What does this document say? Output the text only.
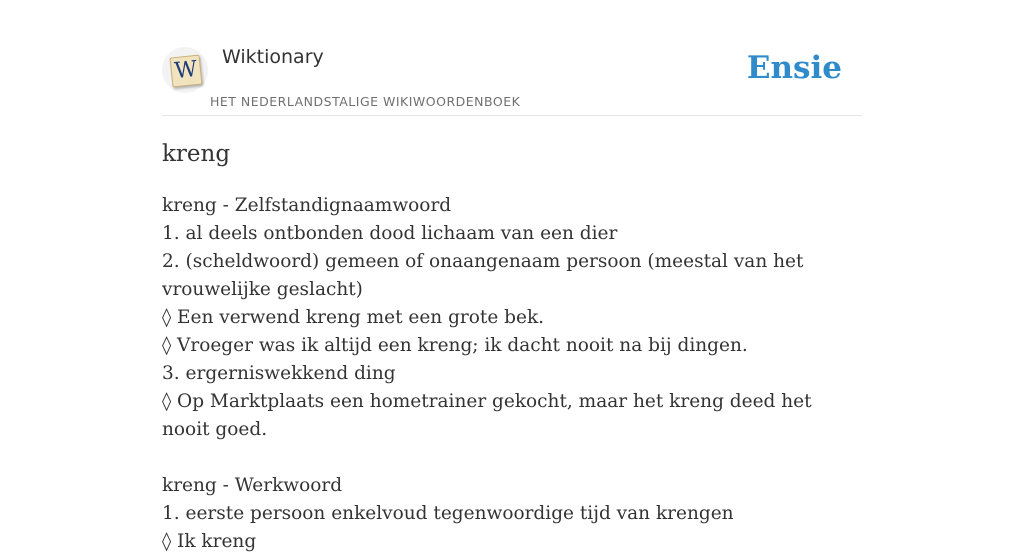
W Wiktionary
HET NEDERLANDSTALIGE WIKIWOORDENBOEK
Ensie
kreng
kreng - Zelfstandignaamwoord
1. al deels ontbonden dood lichaam van een dier
2. (scheldwoord) gemeen of onaangenaam persoon (meestal van het vrouwelijke geslacht)
◊ Een verwend kreng met een grote bek.
◊ Vroeger was ik altijd een kreng; ik dacht nooit na bij dingen.
3. ergerniswekkend ding
◊ Op Marktplaats een hometrainer gekocht, maar het kreng deed het nooit goed.
kreng - Werkwoord
1. eerste persoon enkelvoud tegenwoordige tijd van krengen
◊ Ik kreng
